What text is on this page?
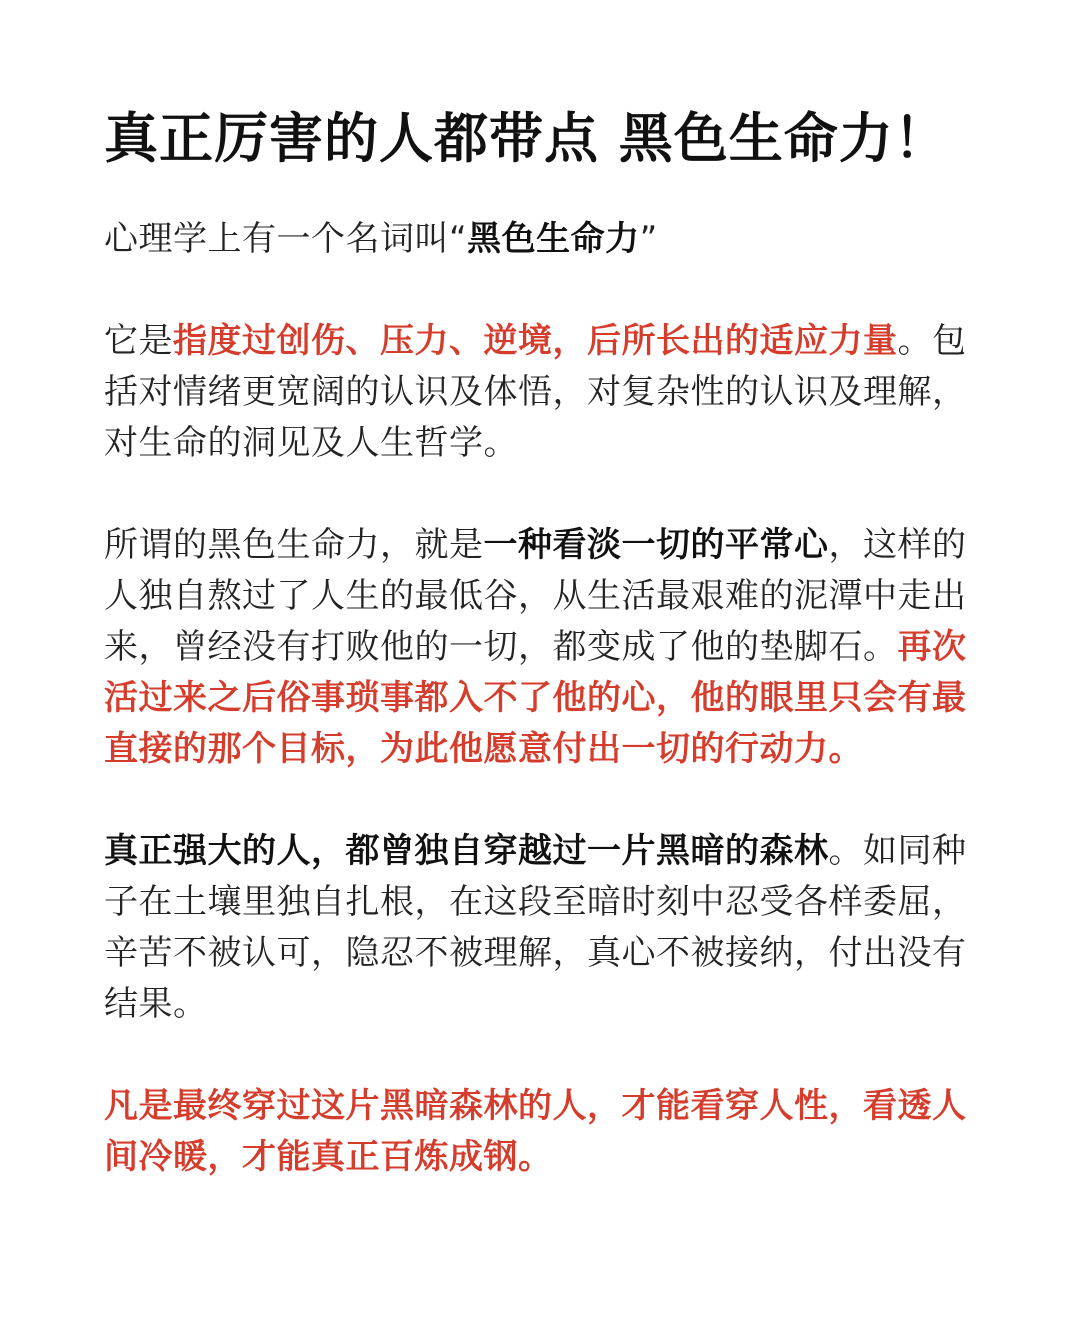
真正厉害的人都带点 黑色生命力！

心理学上有一个名词叫“黑色生命力”

它是指度过创伤、压力、逆境，后所长出的适应力量。包括对情绪更宽阔的认识及体悟，对复杂性的认识及理解，对生命的洞见及人生哲学。

所谓的黑色生命力，就是一种看淡一切的平常心，这样的人独自熬过了人生的最低谷，从生活最艰难的泥潭中走出来，曾经没有打败他的一切，都变成了他的垫脚石。再次活过来之后俗事琐事都入不了他的心，他的眼里只会有最直接的那个目标，为此他愿意付出一切的行动力。

真正强大的人，都曾独自穿越过一片黑暗的森林。如同种子在土壤里独自扎根，在这段至暗时刻中忍受各样委屈，辛苦不被认可，隐忍不被理解，真心不被接纳，付出没有结果。

凡是最终穿过这片黑暗森林的人，才能看穿人性，看透人间冷暖，才能真正百炼成钢。
